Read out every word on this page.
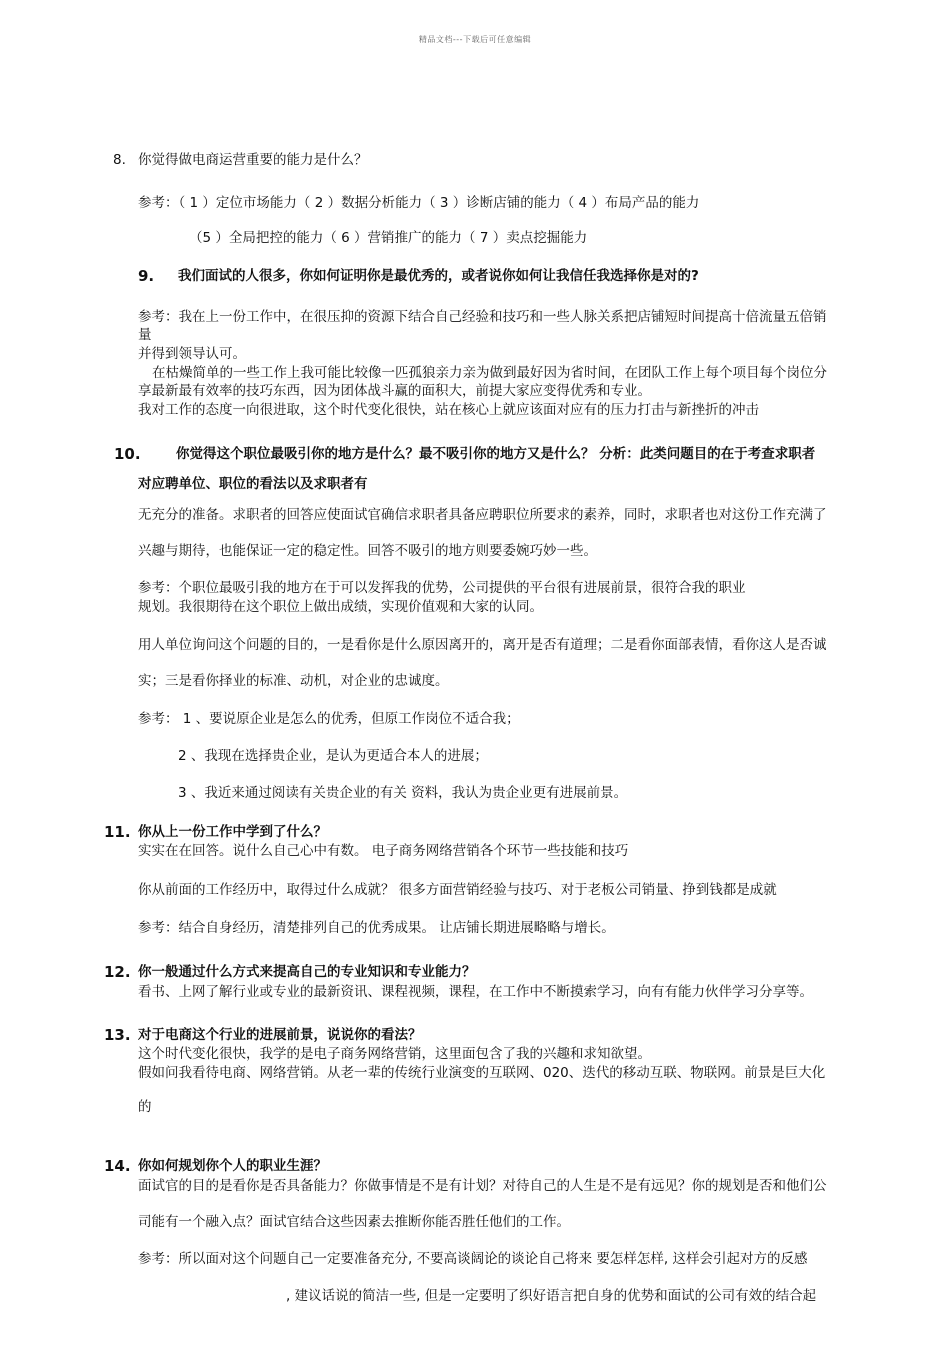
精品文档---下载后可任意编辑
8. 你觉得做电商运营重要的能力是什么？
参考：（ 1 ）定位市场能力（ 2 ）数据分析能力（ 3 ）诊断店铺的能力（ 4 ）布局产品的能力
（5 ）全局把控的能力（ 6 ）营销推广的能力（ 7 ）卖点挖掘能力
9. 我们面试的人很多，你如何证明你是最优秀的，或者说你如何让我信任我选择你是对的?
参考：我在上一份工作中，在很压抑的资源下结合自己经验和技巧和一些人脉关系把店铺短时间提高十倍流量五倍销
量
并得到领导认可。
在枯燥简单的一些工作上我可能比较像一匹孤狼亲力亲为做到最好因为省时间，在团队工作上每个项目每个岗位分
享最新最有效率的技巧东西，因为团体战斗赢的面积大，前提大家应变得优秀和专业。
我对工作的态度一向很进取，这个时代变化很快，站在核心上就应该面对应有的压力打击与新挫折的冲击
10.	你觉得这个职位最吸引你的地方是什么？最不吸引你的地方又是什么？ 分析：此类问题目的在于考查求职者
对应聘单位、职位的看法以及求职者有
无充分的准备。求职者的回答应使面试官确信求职者具备应聘职位所要求的素养，同时，求职者也对这份工作充满了
兴趣与期待，也能保证一定的稳定性。回答不吸引的地方则要委婉巧妙一些。
参考：个职位最吸引我的地方在于可以发挥我的优势，公司提供的平台很有进展前景，很符合我的职业
规划。我很期待在这个职位上做出成绩，实现价值观和大家的认同。
用人单位询问这个问题的目的，一是看你是什么原因离开的，离开是否有道理；二是看你面部表情，看你这人是否诚
实；三是看你择业的标准、动机，对企业的忠诚度。
参考： 1 、要说原企业是怎么的优秀，但原工作岗位不适合我；
2 、我现在选择贵企业，是认为更适合本人的进展；
3 、我近来通过阅读有关贵企业的有关 资料，我认为贵企业更有进展前景。
11. 你从上一份工作中学到了什么？
实实在在回答。说什么自己心中有数。 电子商务网络营销各个环节一些技能和技巧
你从前面的工作经历中，取得过什么成就？ 很多方面营销经验与技巧、对于老板公司销量、挣到钱都是成就
参考：结合自身经历，清楚排列自己的优秀成果。 让店铺长期进展略略与增长。
12. 你一般通过什么方式来提高自己的专业知识和专业能力？
看书、上网了解行业或专业的最新资讯、课程视频，课程，在工作中不断摸索学习，向有有能力伙伴学习分享等。
13. 对于电商这个行业的进展前景，说说你的看法？
这个时代变化很快，我学的是电子商务网络营销，这里面包含了我的兴趣和求知欲望。
假如问我看待电商、网络营销。从老一辈的传统行业演变的互联网、020、迭代的移动互联、物联网。前景是巨大化
的
14. 你如何规划你个人的职业生涯？
面试官的目的是看你是否具备能力？你做事情是不是有计划？对待自己的人生是不是有远见？你的规划是否和他们公
司能有一个融入点？面试官结合这些因素去推断你能否胜任他们的工作。
参考：所以面对这个问题自己一定要准备充分, 不要高谈阔论的谈论自己将来 要怎样怎样, 这样会引起对方的反感
, 建议话说的简洁一些, 但是一定要明了织好语言把自身的优势和面试的公司有效的结合起
